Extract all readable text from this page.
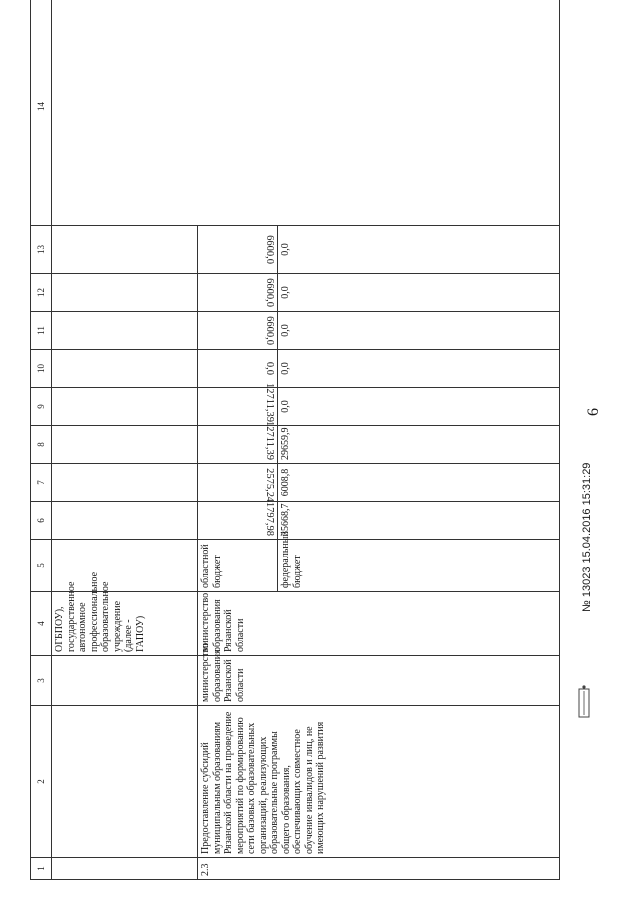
6
1	2	3	4	5	6	7	8	9	10	11	12	13	14
			ОГБПОУ), государственное автономное профессиональное образовательное учреждение (далее - ГАПОУ)										
2.3	Предоставление субсидий муниципальным образованиям Рязанской области на проведение мероприятий по формированию сети базовых образовательных организаций, реализующих образовательные программы общего образования, обеспечивающих совместное обучение инвалидов и лиц, не имеющих нарушений развития	министерство образования Рязанской области	министерство образования Рязанской области	областной бюджет	41797,98	2575,2	12711,39	12711,39	0,0	6600,0	6600,0	6600,0	
				федеральный бюджет	35668,7	6008,8	29659,9	0,0	0,0	0,0	0,0	0,0	
№ 13023 15.04.2016 15:31:29
